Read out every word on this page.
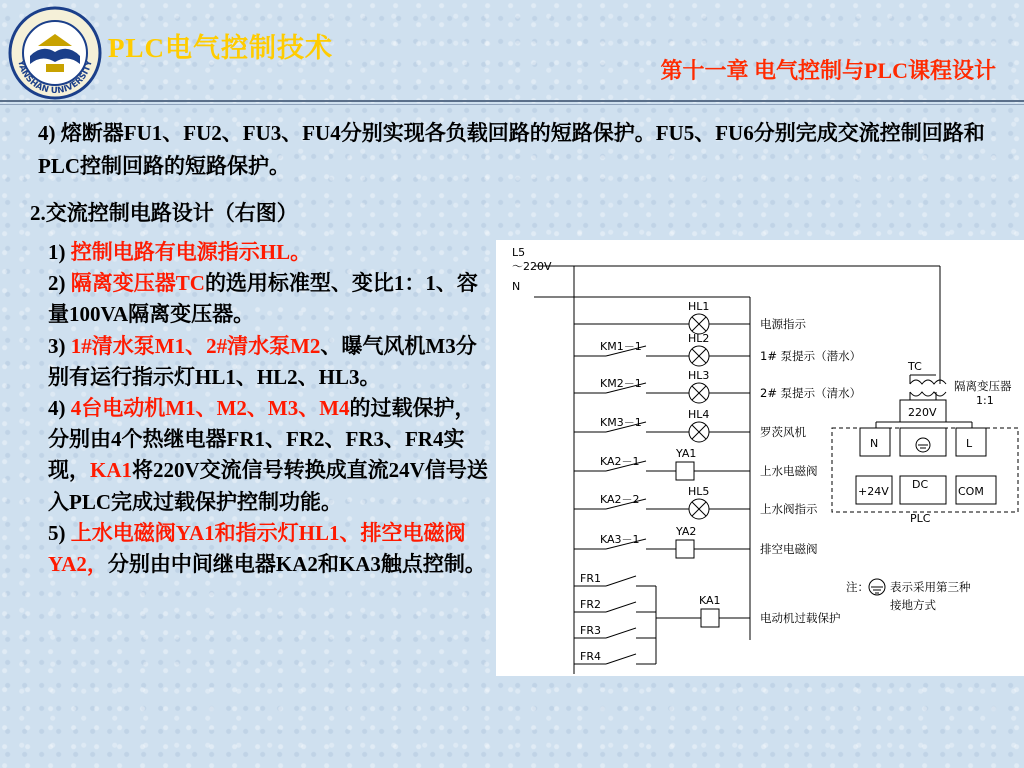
YANSHAN UNIVERSITY
PLC电气控制技术
第十一章 电气控制与PLC课程设计
4) 熔断器FU1、FU2、FU3、FU4分别实现各负载回路的短路保护。FU5、FU6分别完成交流控制回路和PLC控制回路的短路保护。
2.交流控制电路设计（右图）
1) 控制电路有电源指示HL。
2) 隔离变压器TC的选用标准型、变比1：1、容量100VA隔离变压器。
3) 1#清水泵M1、2#清水泵M2、曝气风机M3分别有运行指示灯HL1、HL2、HL3。
4) 4台电动机M1、M2、M3、M4的过载保护，分别由4个热继电器FR1、FR2、FR3、FR4实现，KA1将220V交流信号转换成直流24V信号送入PLC完成过载保护控制功能。
5) 上水电磁阀YA1和指示灯HL1、排空电磁阀YA2，分别由中间继电器KA2和KA3触点控制。
L5
～220V
N
HL1
HL2
HL3
HL4
YA1
HL5
YA2
KA1
KM1－1
KM2－1
KM3－1
KA2－1
KA2－2
KA3－1
FR1
FR2
FR3
FR4
电源指示
1# 泵提示（潜水）
2# 泵提示（清水）
罗茨风机
上水电磁阀
上水阀指示
排空电磁阀
电动机过载保护
TC
隔离变压器
1:1
220V
N	L
+24V
DC
COM
PLC
注： 表示采用第三种
接地方式
